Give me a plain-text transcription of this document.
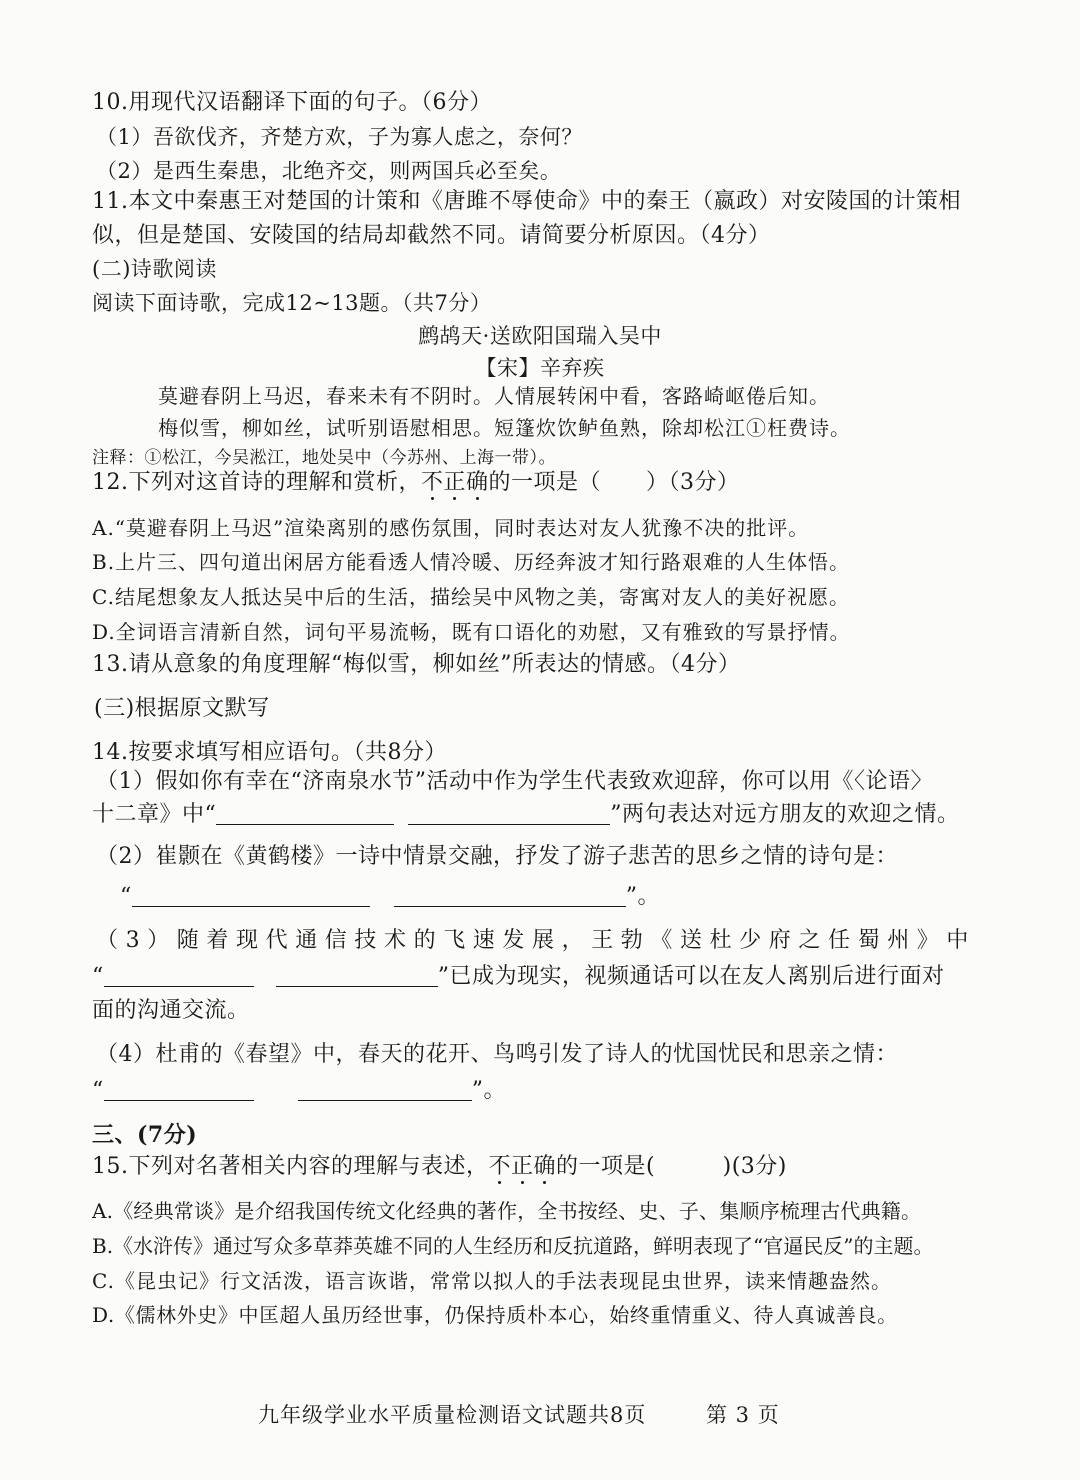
10.用现代汉语翻译下面的句子。（6分）
（1）吾欲伐齐，齐楚方欢，子为寡人虑之，奈何？
（2）是西生秦患，北绝齐交，则两国兵必至矣。
11.本文中秦惠王对楚国的计策和《唐雎不辱使命》中的秦王（嬴政）对安陵国的计策相
似，但是楚国、安陵国的结局却截然不同。请简要分析原因。（4分）
(二)诗歌阅读
阅读下面诗歌，完成12~13题。（共7分）
鹧鸪天·送欧阳国瑞入吴中
【宋】辛弃疾
莫避春阴上马迟，春来未有不阴时。人情展转闲中看，客路崎岖倦后知。
梅似雪，柳如丝，试听别语慰相思。短篷炊饮鲈鱼熟，除却松江①枉费诗。
注释：①松江，今吴淞江，地处吴中（今苏州、上海一带）。
12.下列对这首诗的理解和赏析，不正确的一项是（　　）（3分）
A.“莫避春阴上马迟”渲染离别的感伤氛围，同时表达对友人犹豫不决的批评。
B.上片三、四句道出闲居方能看透人情冷暖、历经奔波才知行路艰难的人生体悟。
C.结尾想象友人抵达吴中后的生活，描绘吴中风物之美，寄寓对友人的美好祝愿。
D.全词语言清新自然，词句平易流畅，既有口语化的劝慰，又有雅致的写景抒情。
13.请从意象的角度理解“梅似雪，柳如丝”所表达的情感。（4分）
(三)根据原文默写
14.按要求填写相应语句。（共8分）
（1）假如你有幸在“济南泉水节”活动中作为学生代表致欢迎辞，你可以用《〈论语〉
十二章》中“	”两句表达对远方朋友的欢迎之情。
（2）崔颢在《黄鹤楼》一诗中情景交融，抒发了游子悲苦的思乡之情的诗句是：
“	”。
（3）随着现代通信技术的飞速发展，王勃《送杜少府之任蜀州》中
“	”已成为现实，视频通话可以在友人离别后进行面对
面的沟通交流。
（4）杜甫的《春望》中，春天的花开、鸟鸣引发了诗人的忧国忧民和思亲之情：
“	”。
三、(7分)
15.下列对名著相关内容的理解与表述，不正确的一项是(　　　)(3分)
A.《经典常谈》是介绍我国传统文化经典的著作，全书按经、史、子、集顺序梳理古代典籍。
B.《水浒传》通过写众多草莽英雄不同的人生经历和反抗道路，鲜明表现了“官逼民反”的主题。
C.《昆虫记》行文活泼，语言诙谐，常常以拟人的手法表现昆虫世界，读来情趣盎然。
D.《儒林外史》中匡超人虽历经世事，仍保持质朴本心，始终重情重义、待人真诚善良。
九年级学业水平质量检测语文试题共8页	第 3 页
